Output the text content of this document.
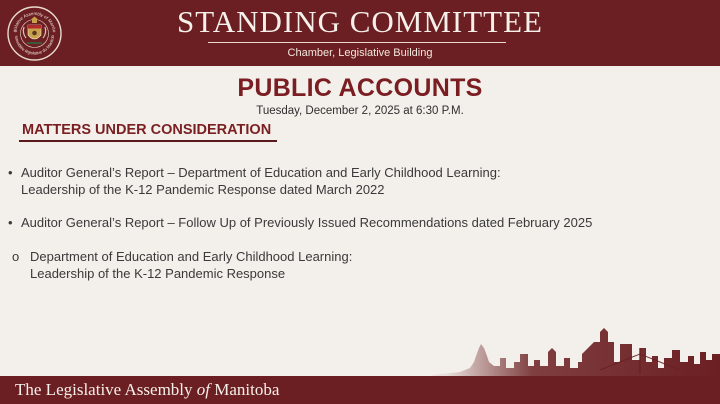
gislative Assembly of Manito
ssemblée législative du Manitob	STANDING COMMITTEE
Chamber, Legislative Building
PUBLIC ACCOUNTS
Tuesday, December 2, 2025 at 6:30 P.M.
MATTERS UNDER CONSIDERATION
• Auditor General’s Report – Department of Education and Early Childhood Learning:
Leadership of the K-12 Pandemic Response dated March 2022
• Auditor General’s Report – Follow Up of Previously Issued Recommendations dated February 2025
o Department of Education and Early Childhood Learning:
Leadership of the K-12 Pandemic Response
The Legislative Assembly of Manitoba
